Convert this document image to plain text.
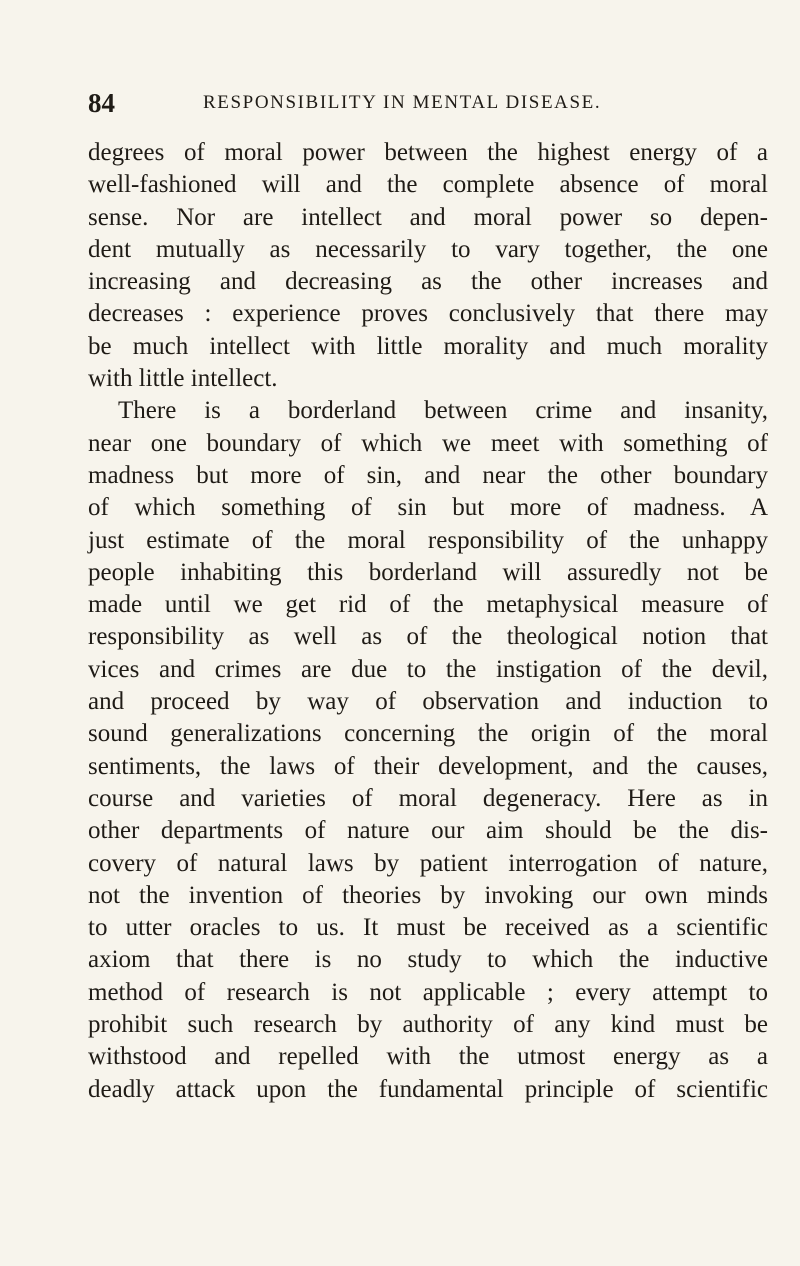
84	RESPONSIBILITY IN MENTAL DISEASE.
degrees of moral power between the highest energy of a
well-fashioned will and the complete absence of moral
sense. Nor are intellect and moral power so depen-
dent mutually as necessarily to vary together, the one
increasing and decreasing as the other increases and
decreases : experience proves conclusively that there may
be much intellect with little morality and much morality
with little intellect.
There is a borderland between crime and insanity,
near one boundary of which we meet with something of
madness but more of sin, and near the other boundary
of which something of sin but more of madness. A
just estimate of the moral responsibility of the unhappy
people inhabiting this borderland will assuredly not be
made until we get rid of the metaphysical measure of
responsibility as well as of the theological notion that
vices and crimes are due to the instigation of the devil,
and proceed by way of observation and induction to
sound generalizations concerning the origin of the moral
sentiments, the laws of their development, and the causes,
course and varieties of moral degeneracy. Here as in
other departments of nature our aim should be the dis-
covery of natural laws by patient interrogation of nature,
not the invention of theories by invoking our own minds
to utter oracles to us. It must be received as a scientific
axiom that there is no study to which the inductive
method of research is not applicable ; every attempt to
prohibit such research by authority of any kind must be
withstood and repelled with the utmost energy as a
deadly attack upon the fundamental principle of scientific
